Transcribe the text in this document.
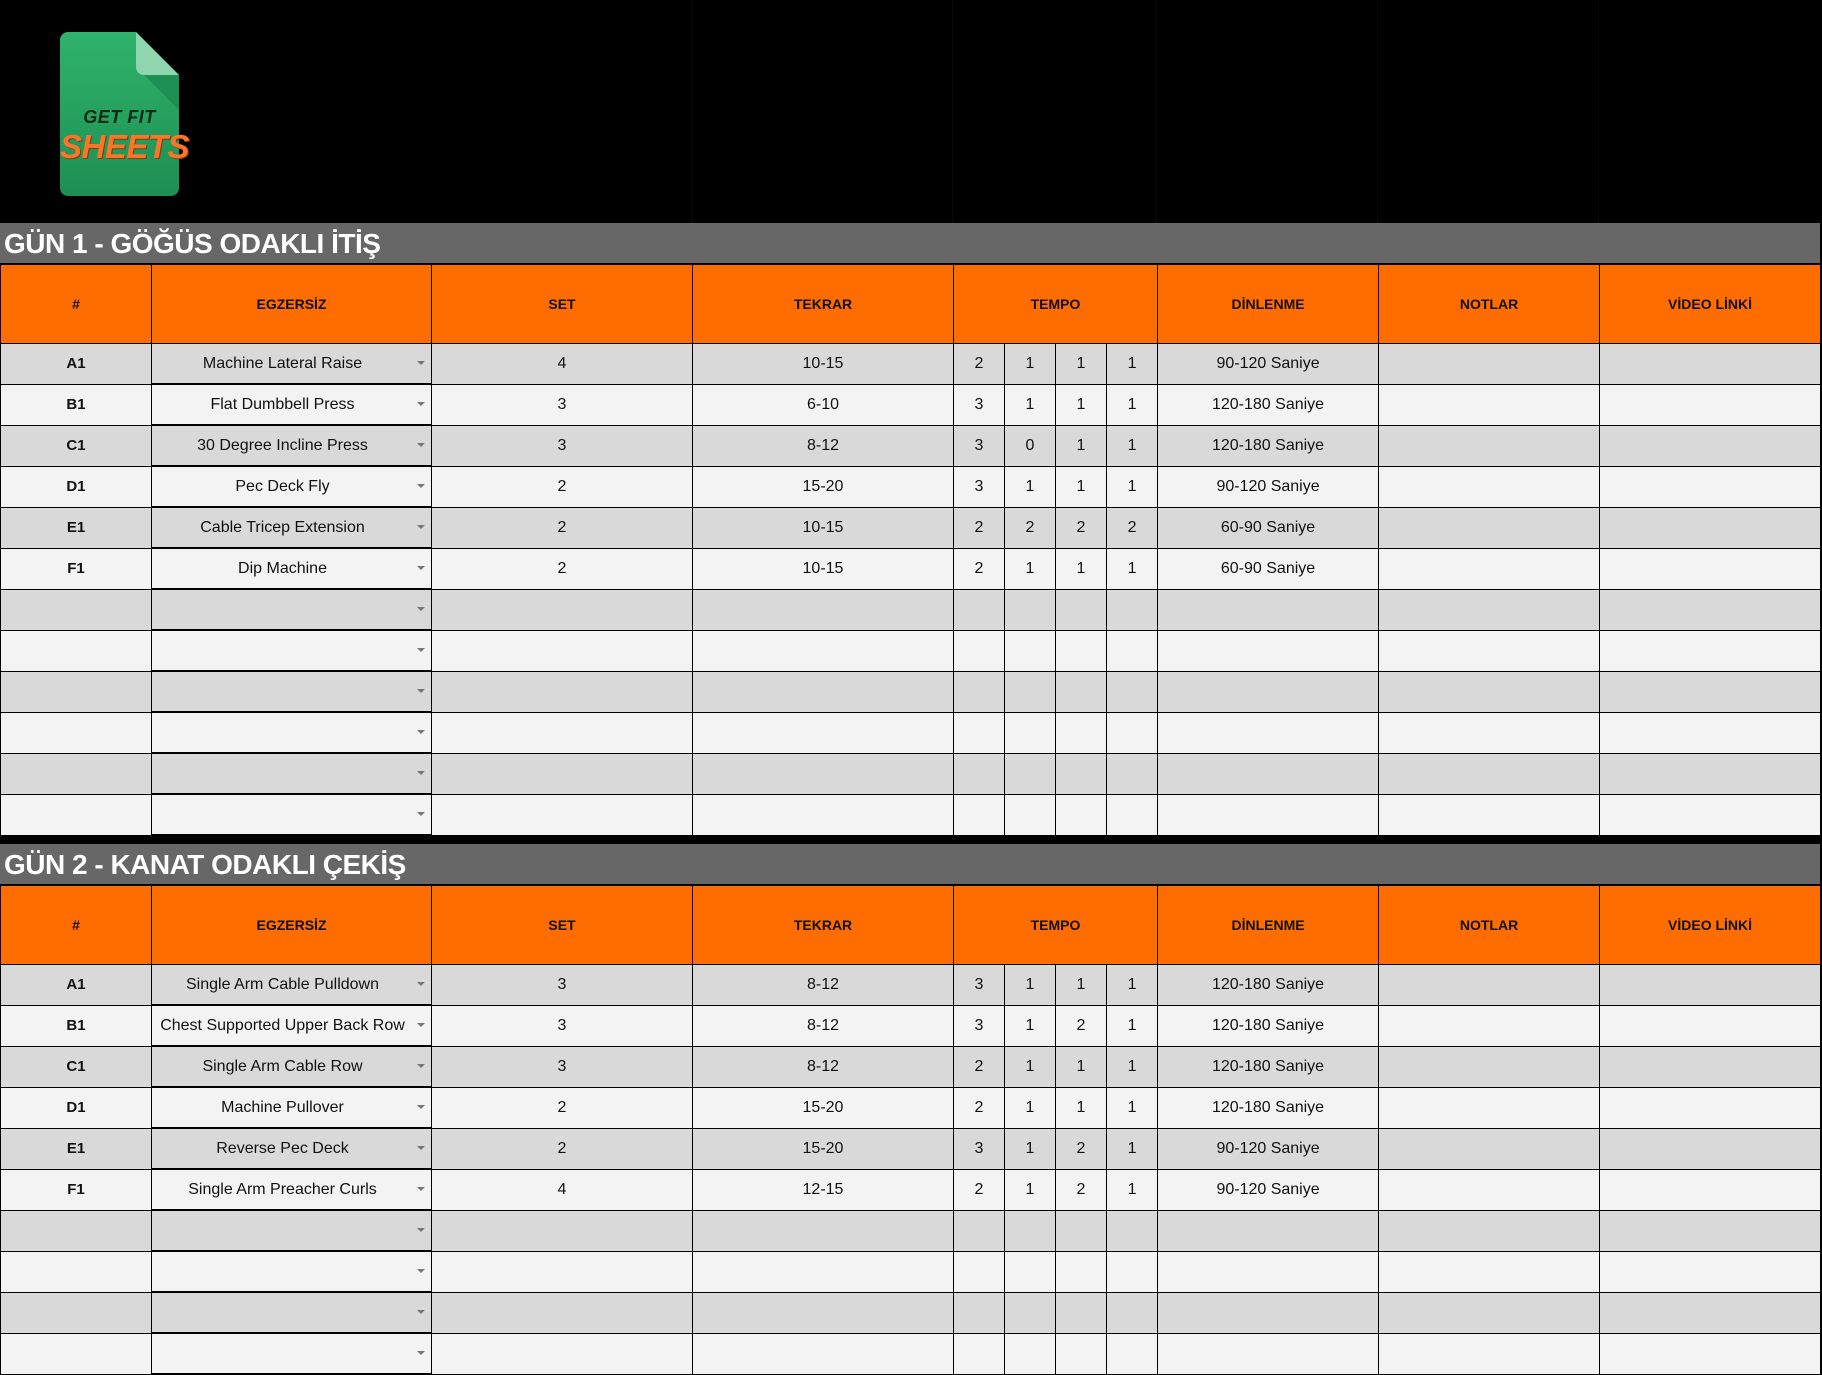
GET FIT
SHEETS
GÜN 1 - GÖĞÜS ODAKLI İTİŞ
#	EGZERSİZ	SET	TEKRAR	TEMPO				DİNLENME	NOTLAR	VİDEO LİNKİ
A1	Machine Lateral Raise	4	10-15	2	1	1	1	90-120 Saniye		
B1	Flat Dumbbell Press	3	6-10	3	1	1	1	120-180 Saniye		
C1	30 Degree Incline Press	3	8-12	3	0	1	1	120-180 Saniye		
D1	Pec Deck Fly	2	15-20	3	1	1	1	90-120 Saniye		
E1	Cable Tricep Extension	2	10-15	2	2	2	2	60-90 Saniye		
F1	Dip Machine	2	10-15	2	1	1	1	60-90 Saniye		

GÜN 2 - KANAT ODAKLI ÇEKİŞ
#	EGZERSİZ	SET	TEKRAR	TEMPO				DİNLENME	NOTLAR	VİDEO LİNKİ
A1	Single Arm Cable Pulldown	3	8-12	3	1	1	1	120-180 Saniye		
B1	Chest Supported Upper Back Row	3	8-12	3	1	2	1	120-180 Saniye		
C1	Single Arm Cable Row	3	8-12	2	1	1	1	120-180 Saniye		
D1	Machine Pullover	2	15-20	2	1	1	1	120-180 Saniye		
E1	Reverse Pec Deck	2	15-20	3	1	2	1	90-120 Saniye		
F1	Single Arm Preacher Curls	4	12-15	2	1	2	1	90-120 Saniye		
